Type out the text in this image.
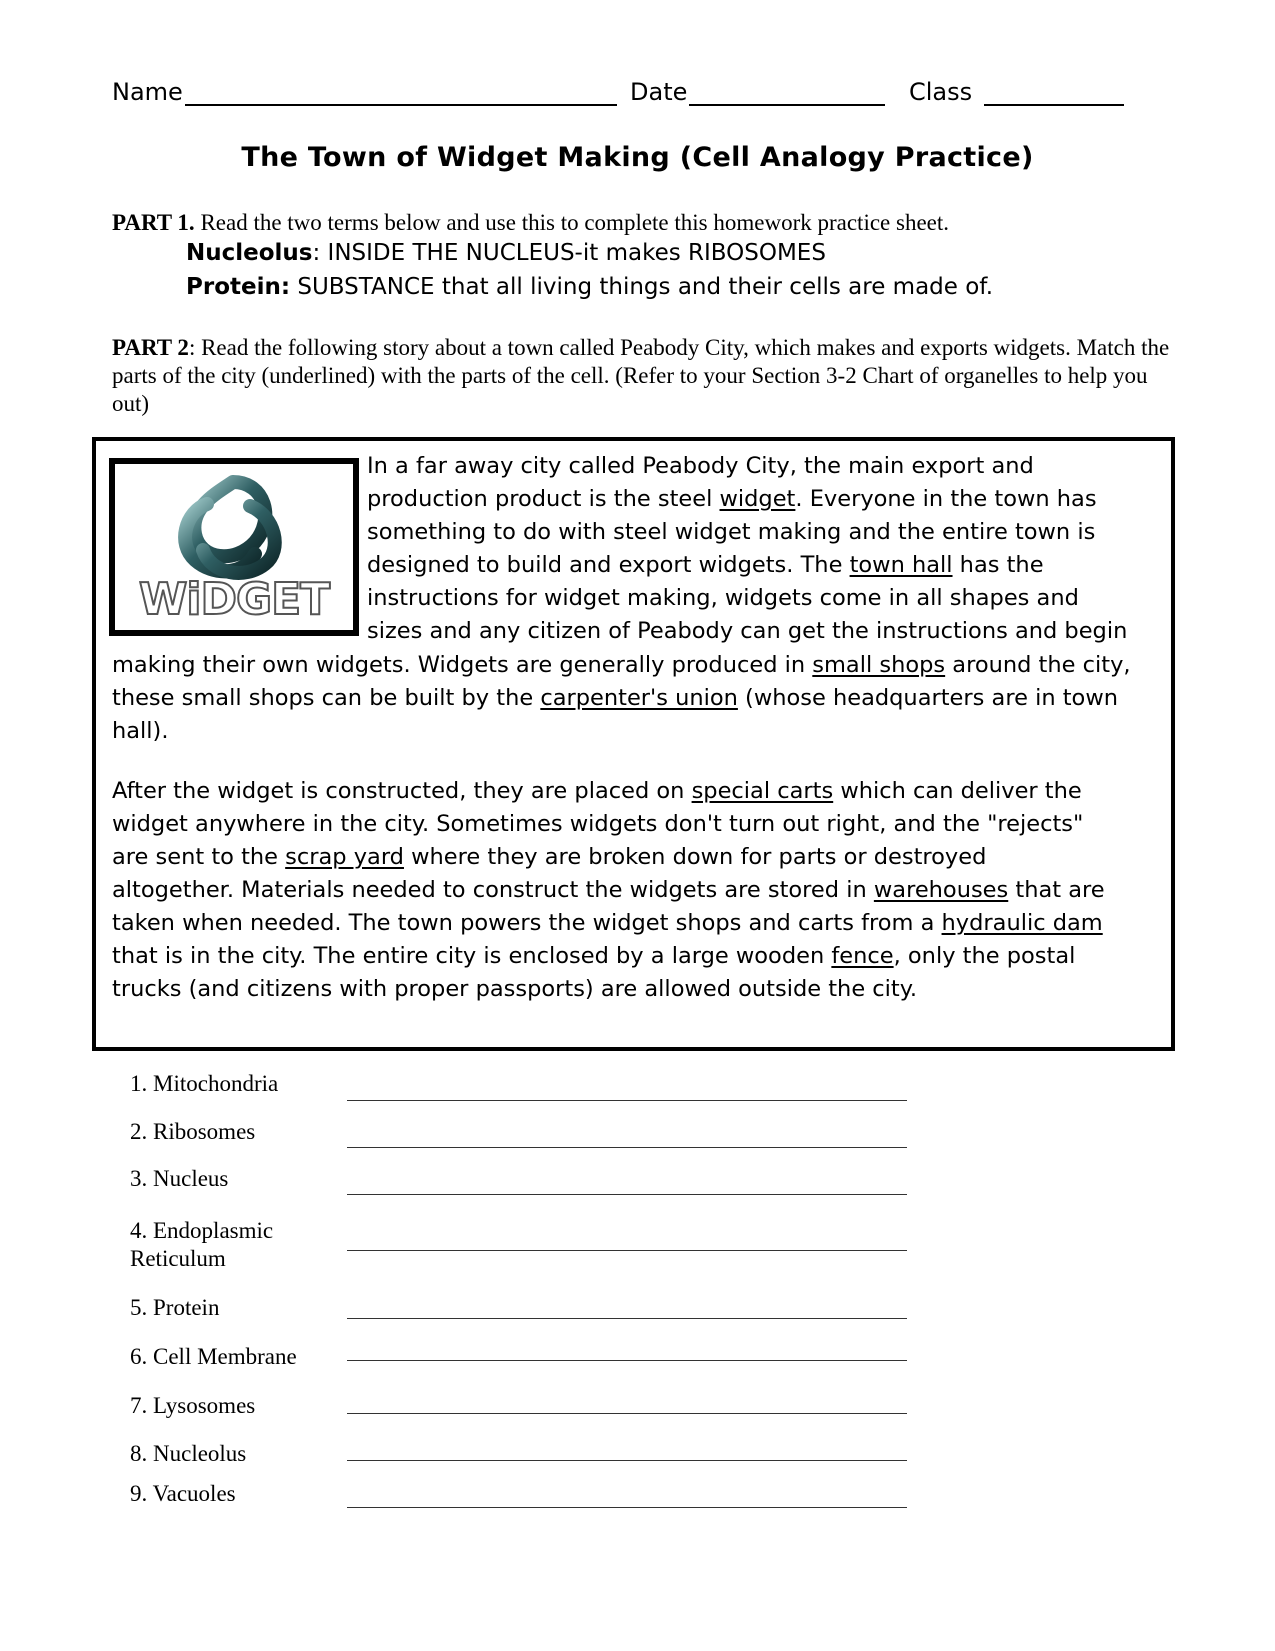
Name	Date	Class
The Town of Widget Making (Cell Analogy Practice)
PART 1. Read the two terms below and use this to complete this homework practice sheet.
Nucleolus: INSIDE THE NUCLEUS-it makes RIBOSOMES
Protein: SUBSTANCE that all living things and their cells are made of.
PART 2: Read the following story about a town called Peabody City, which makes and exports widgets. Match the parts of the city (underlined) with the parts of the cell. (Refer to your Section 3-2 Chart of organelles to help you out)
WiDGET
In a far away city called Peabody City, the main export and
production product is the steel widget. Everyone in the town has
something to do with steel widget making and the entire town is
designed to build and export widgets. The town hall has the
instructions for widget making, widgets come in all shapes and
sizes and any citizen of Peabody can get the instructions and begin
making their own widgets. Widgets are generally produced in small shops around the city,
these small shops can be built by the carpenter's union (whose headquarters are in town
hall).
After the widget is constructed, they are placed on special carts which can deliver the
widget anywhere in the city. Sometimes widgets don't turn out right, and the "rejects"
are sent to the scrap yard where they are broken down for parts or destroyed
altogether. Materials needed to construct the widgets are stored in warehouses that are
taken when needed. The town powers the widget shops and carts from a hydraulic dam
that is in the city. The entire city is enclosed by a large wooden fence, only the postal
trucks (and citizens with proper passports) are allowed outside the city.
1. Mitochondria
2. Ribosomes
3. Nucleus
4. Endoplasmic
Reticulum
5. Protein
6. Cell Membrane
7. Lysosomes
8. Nucleolus
9. Vacuoles
